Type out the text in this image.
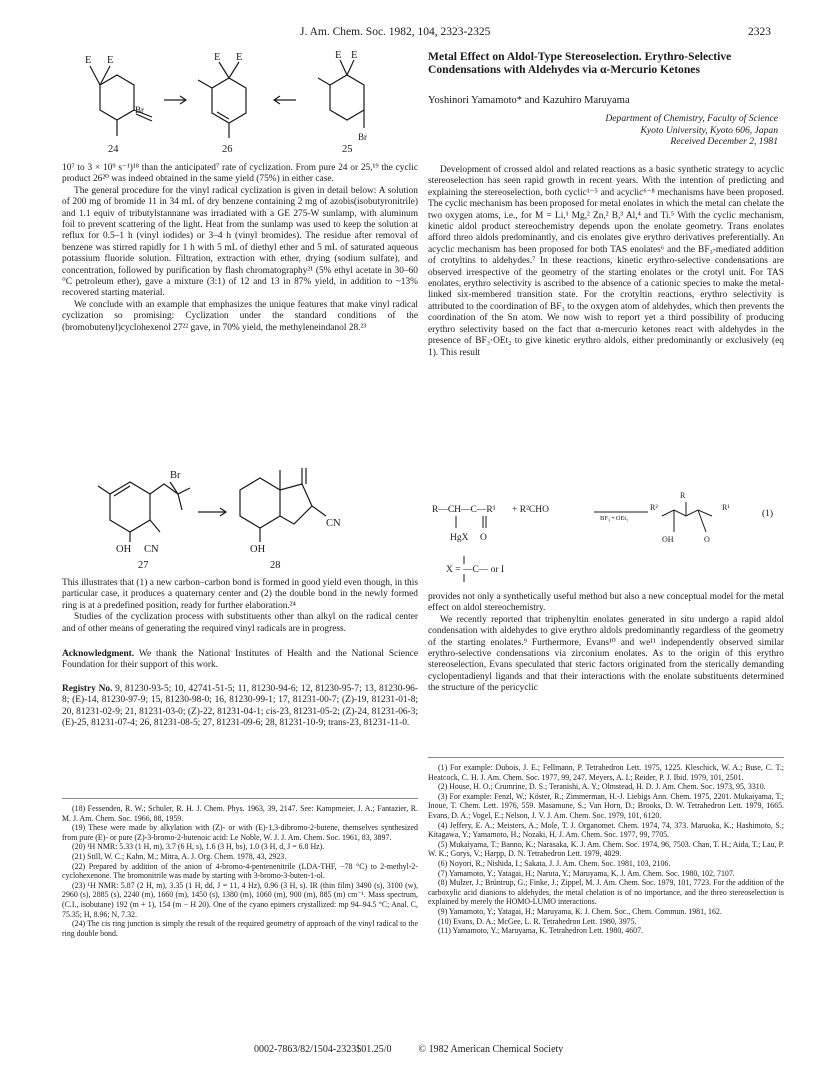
J. Am. Chem. Soc. 1982, 104, 2323-2325	2323
E E
Br
E E	E E
Br
24	26	25

10⁷ to 3 × 10⁹ s⁻¹)¹⁸ than the anticipated⁷ rate of cyclization. From pure 24 or 25,¹⁹ the cyclic product 26²⁰ was indeed obtained in the same yield (75%) in either case.

The general procedure for the vinyl radical cyclization is given in detail below: A solution of 200 mg of bromide 11 in 34 mL of dry benzene containing 2 mg of azobis(isobutyronitrile) and 1.1 equiv of tributylstannane was irradiated with a GE 275-W sunlamp, with aluminum foil to prevent scattering of the light. Heat from the sunlamp was used to keep the solution at reflux for 0.5–1 h (vinyl iodides) or 3–4 h (vinyl bromides). The residue after removal of benzene was stirred rapidly for 1 h with 5 mL of diethyl ether and 5 mL of saturated aqueous potassium fluoride solution. Filtration, extraction with ether, drying (sodium sulfate), and concentration, followed by purification by flash chromatography²¹ (5% ethyl acetate in 30–60 °C petroleum ether), gave a mixture (3:1) of 12 and 13 in 87% yield, in addition to ~13% recovered starting material.

We conclude with an example that emphasizes the unique features that make vinyl radical cyclization so promising: Cyclization under the standard conditions of the (bromobutenyl)cyclohexenol 27²² gave, in 70% yield, the methyleneindanol 28.²³

Br
OH CN	OH
CN
27	28

This illustrates that (1) a new carbon–carbon bond is formed in good yield even though, in this particular case, it produces a quaternary center and (2) the double bond in the newly formed ring is at a predefined position, ready for further elaboration.²⁴

Studies of the cyclization process with substituents other than alkyl on the radical center and of other means of generating the required vinyl radicals are in progress.

Acknowledgment. We thank the National Institutes of Health and the National Science Foundation for their support of this work.

Registry No. 9, 81230-93-5; 10, 42741-51-5; 11, 81230-94-6; 12, 81230-95-7; 13, 81230-96-8; (E)-14, 81230-97-9; 15, 81230-98-0; 16, 81230-99-1; 17, 81231-00-7; (Z)-19, 81231-01-8; 20, 81231-02-9; 21, 81231-03-0; (Z)-22, 81231-04-1; cis-23, 81231-05-2; (Z)-24, 81231-06-3; (E)-25, 81231-07-4; 26, 81231-08-5; 27, 81231-09-6; 28, 81231-10-9; trans-23, 81231-11-0.

(18) Fessenden, R. W.; Schuler, R. H. J. Chem. Phys. 1963, 39, 2147. See: Kampmeier, J. A.; Fantazier, R. M. J. Am. Chem. Soc. 1966, 88, 1959.

(19) These were made by alkylation with (Z)- or with (E)-1,3-dibromo-2-butene, themselves synthesized from pure (E)- or pure (Z)-3-bromo-2-butenoic acid: Le Noble, W. J. J. Am. Chem. Soc. 1961, 83, 3897.

(20) ¹H NMR: 5.33 (1 H, m), 3.7 (6 H, s), 1.6 (3 H, bs), 1.0 (3 H, d, J = 6.8 Hz).

(21) Still, W. C.; Kahn, M.; Mitra, A. J. Org. Chem. 1978, 43, 2923.

(22) Prepared by addition of the anion of 4-bromo-4-pentenenitrile (LDA-THF, −78 °C) to 2-methyl-2-cyclohexenone. The bromonitrile was made by starting with 3-bromo-3-buten-1-ol.

(23) ¹H NMR: 5.87 (2 H, m), 3.35 (1 H, dd, J = 11, 4 Hz), 0.96 (3 H, s). IR (thin film) 3490 (s), 3100 (w), 2960 (s), 2885 (s), 2240 (m), 1660 (m), 1450 (s), 1380 (m), 1060 (m), 900 (m), 885 (m) cm⁻¹. Mass spectrum, (C.I., isobutane) 192 (m + 1), 154 (m − H 20). One of the cyano epimers crystallized: mp 94–94.5 °C; Anal. C, 75.35; H, 8.96; N, 7.32.

(24) The cis ring junction is simply the result of the required geometry of approach of the vinyl radical to the ring double bond.

Metal Effect on Aldol-Type Stereoselection. Erythro-Selective Condensations with Aldehydes via α-Mercurio Ketones
Yoshinori Yamamoto* and Kazuhiro Maruyama
Department of Chemistry, Faculty of Science
Kyoto University, Kyoto 606, Japan
Received December 2, 1981

Development of crossed aldol and related reactions as a basic synthetic strategy to acyclic stereoselection has seen rapid growth in recent years. With the intention of predicting and explaining the stereoselection, both cyclic¹⁻⁵ and acyclic⁶⁻⁸ mechanisms have been proposed. The cyclic mechanism has been proposed for metal enolates in which the metal can chelate the two oxygen atoms, i.e., for M = Li,¹ Mg,² Zn,² B,³ Al,⁴ and Ti.⁵ With the cyclic mechanism, kinetic aldol product stereochemistry depends upon the enolate geometry. Trans enolates afford threo aldols predominantly, and cis enolates give erythro derivatives preferentially. An acyclic mechanism has been proposed for both TAS enolates⁶ and the BF₃-mediated addition of crotyltins to aldehydes.⁷ In these reactions, kinetic erythro-selective condensations are observed irrespective of the geometry of the starting enolates or the crotyl unit. For TAS enolates, erythro selectivity is ascribed to the absence of a cationic species to make the metal-linked six-membered transition state. For the crotyltin reactions, erythro selectivity is attributed to the coordination of BF₃ to the oxygen atom of aldehydes, which then prevents the coordination of the Sn atom. We now wish to report yet a third possibility of producing erythro selectivity based on the fact that α-mercurio ketones react with aldehydes in the presence of BF₃·OEt₂ to give kinetic erythro aldols, either predominantly or exclusively (eq 1). This result

R—CH—C—R¹
HgX O
+ R²CHO
BF₃ • OEt₂
R
R²	R¹
OH	O
(1)
X = —C— or I

provides not only a synthetically useful method but also a new conceptual model for the metal effect on aldol stereochemistry.

We recently reported that triphenyltin enolates generated in situ undergo a rapid aldol condensation with aldehydes to give erythro aldols predominantly regardless of the geometry of the starting enolates.⁹ Furthermore, Evans¹⁰ and we¹¹ independently observed similar erythro-selective condensations via zirconium enolates. As to the origin of this erythro stereoselection, Evans speculated that steric factors originated from the sterically demanding cyclopentadienyl ligands and that their interactions with the enolate substituents determined the structure of the pericyclic

(1) For example: Dubois, J. E.; Fellmann, P. Tetrahedron Lett. 1975, 1225. Kleschick, W. A.; Buse, C. T.; Heatcock, C. H. J. Am. Chem. Soc. 1977, 99, 247. Meyers, A. I.; Reider, P. J. Ibid. 1979, 101, 2501.

(2) House, H. O.; Crumrine, D. S.; Teranishi, A. Y.; Olmstead, H. D. J. Am. Chem. Soc. 1973, 95, 3310.

(3) For example: Fenzl, W.; Köster, R.; Zimmerman, H.-J. Liebigs Ann. Chem. 1975, 2201. Mukaiyama, T.; Inoue, T. Chem. Lett. 1976, 559. Masamune, S.; Van Horn, D.; Brooks, D. W. Tetrahedron Lett. 1979, 1665. Evans, D. A.; Vogel, E.; Nelson, J. V. J. Am. Chem. Soc. 1979, 101, 6120.

(4) Jeffery, E. A.; Meisters, A.; Mole, T. J. Organomet. Chem. 1974, 74, 373. Maruoka, K.; Hashimoto, S.; Kitagawa, Y.; Yamamoto, H.; Nozaki, H. J. Am. Chem. Soc. 1977, 99, 7705.

(5) Mukaiyama, T.; Banno, K.; Narasaka, K. J. Am. Chem. Soc. 1974, 96, 7503. Chan, T. H.; Aida, T.; Lau, P. W. K.; Gorys, V.; Harpp, D. N. Tetrahedron Lett. 1979, 4029.

(6) Noyori, R.; Nishida, I.; Sakata, J. J. Am. Chem. Soc. 1981, 103, 2106.

(7) Yamamoto, Y.; Yatagai, H.; Naruta, Y.; Maruyama, K. J. Am. Chem. Soc. 1980, 102, 7107.

(8) Mulzer, J.; Brüntrup, G.; Finke, J.; Zippel, M. J. Am. Chem. Soc. 1979, 101, 7723. For the addition of the carboxylic acid dianions to aldehydes, the metal chelation is of no importance, and the threo stereoselection is explained by merely the HOMO-LUMO interactions.

(9) Yamamoto, Y.; Yatagai, H.; Maruyama, K. J. Chem. Soc., Chem. Commun. 1981, 162.

(10) Evans, D. A.; McGee, L. R. Tetrahedron Lett. 1980, 3975.

(11) Yamamoto, Y.; Maruyama, K. Tetrahedron Lett. 1980, 4607.

0002-7863/82/1504-2323$01.25/0	© 1982 American Chemical Society
